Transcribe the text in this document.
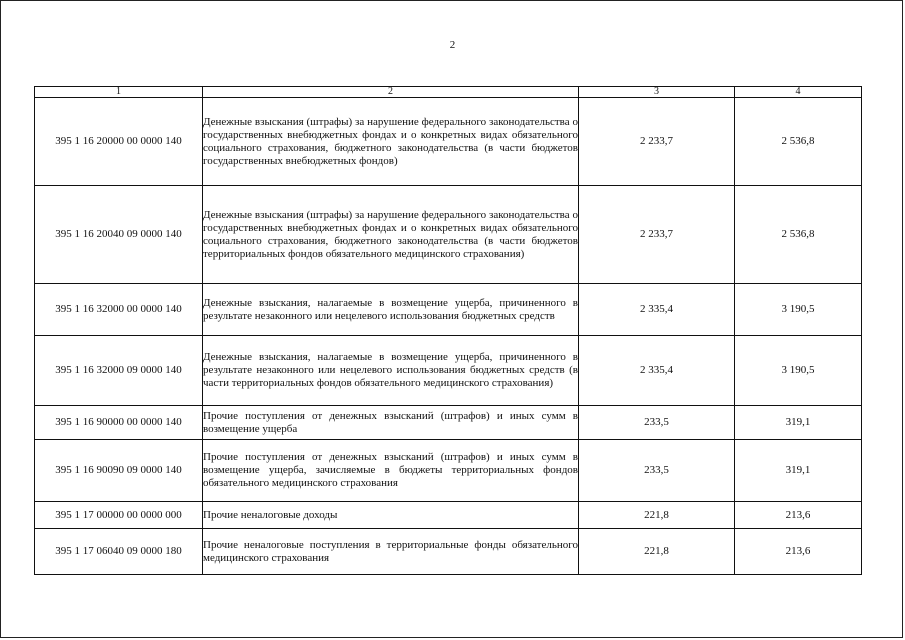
2
1	2	3	4
395 1 16 20000 00 0000 140	Денежные взыскания (штрафы) за нарушение федерального законодательства о государственных внебюджетных фондах и о конкретных видах обязательного социального страхования, бюджетного законодательства (в части бюджетов государственных внебюджетных фондов)	2 233,7	2 536,8
395 1 16 20040 09 0000 140	Денежные взыскания (штрафы) за нарушение федерального законодательства о государственных внебюджетных фондах и о конкретных видах обязательного социального страхования, бюджетного законодательства (в части бюджетов территориальных фондов обязательного медицинского страхования)	2 233,7	2 536,8
395 1 16 32000 00 0000 140	Денежные взыскания, налагаемые в возмещение ущерба, причиненного в результате незаконного или нецелевого использования бюджетных средств	2 335,4	3 190,5
395 1 16 32000 09 0000 140	Денежные взыскания, налагаемые в возмещение ущерба, причиненного в результате незаконного или нецелевого использования бюджетных средств (в части территориальных фондов обязательного медицинского страхования)	2 335,4	3 190,5
395 1 16 90000 00 0000 140	Прочие поступления от денежных взысканий (штрафов) и иных сумм в возмещение ущерба	233,5	319,1
395 1 16 90090 09 0000 140	Прочие поступления от денежных взысканий (штрафов) и иных сумм в возмещение ущерба, зачисляемые в бюджеты территориальных фондов обязательного медицинского страхования	233,5	319,1
395 1 17 00000 00 0000 000	Прочие неналоговые доходы	221,8	213,6
395 1 17 06040 09 0000 180	Прочие неналоговые поступления в территориальные фонды обязательного медицинского страхования	221,8	213,6
